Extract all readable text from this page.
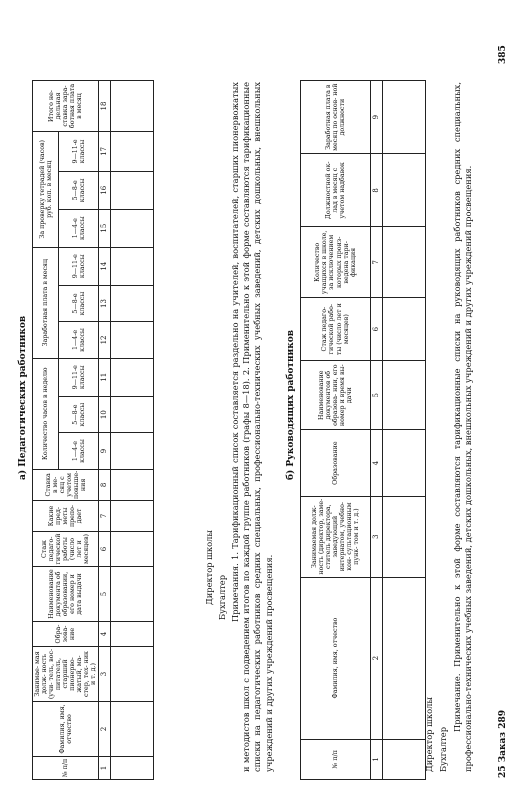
а) Педагогических работников
№ п/п	Фамилия, имя, отчество	Занимае- мая долж- ность (учи- тель, вос- питатель, старший пионервo- жатый, ма- стер, тех- ник и т. д.)	Обра- зова- ние	Наименование документа об образовании, его номер и дата выдачи	Стаж педаго- гической работы (число лет и месяцев)	Какие пред- меты препо- дает	Ставка в ме- сяц с учетом повыше- ния	Количество часов в неделю			Заработная плата в месяц			За проверку тетрадей (часов) руб. коп. в месяц			Итого не- дельная ставка зара- ботная плата в месяц
								1—4-е классы	5—8-е классы	9—11-е классы	1—4-е классы	5—8-е классы	9—11-е классы	1—4-е классы	5—8-е классы	9—11-е классы	
1	2	3	4	5	6	7	8	9	10	11	12	13	14	15	16	17	18

Директор школы Бухгалтер Примечания. 1. Тарификационный список составляется раздельно на учителей, воспитателей, старших пионервожатых и методистов школ с подведением итогов по каждой группе работников (графы 8—18). 2. Применительно к этой форме составляются тарификационные списки на педагогических работников средних специальных, профессионально-технических учебных заведений, детских дошкольных, внешкольных учреждений и других учреждений просвещения.
б) Руководящих работников
№ п/п	Фамилия, имя, отчество	Занимаемая долж- ность (директор, заме- ститель директора, заведующий интернатом, учебно-кон- сультационным пунк- том и т. д.)	Образование	Наименование документов об образова- нии, его номер и время вы- дачи	Стаж педаго- гической рабо- ты (число лет и месяцев)	Количество учащихся в школе, за исключением которых произ- ведена тари- фикация	Должностной ок- лад в месяц с учетом надбавок	Заработная плата в месяц по основ- ной должности
1	2	3	4	5	6	7	8	9

Директор школы Бухгалтер
Примечание. Применительно к этой форме составляются тарификационные списки на руководящих работников средних специальных, профессионально-технических учебных заведений, детских дошкольных, внешкольных учреждений и других учреждений просвещения.	25 Заказ 289
385
